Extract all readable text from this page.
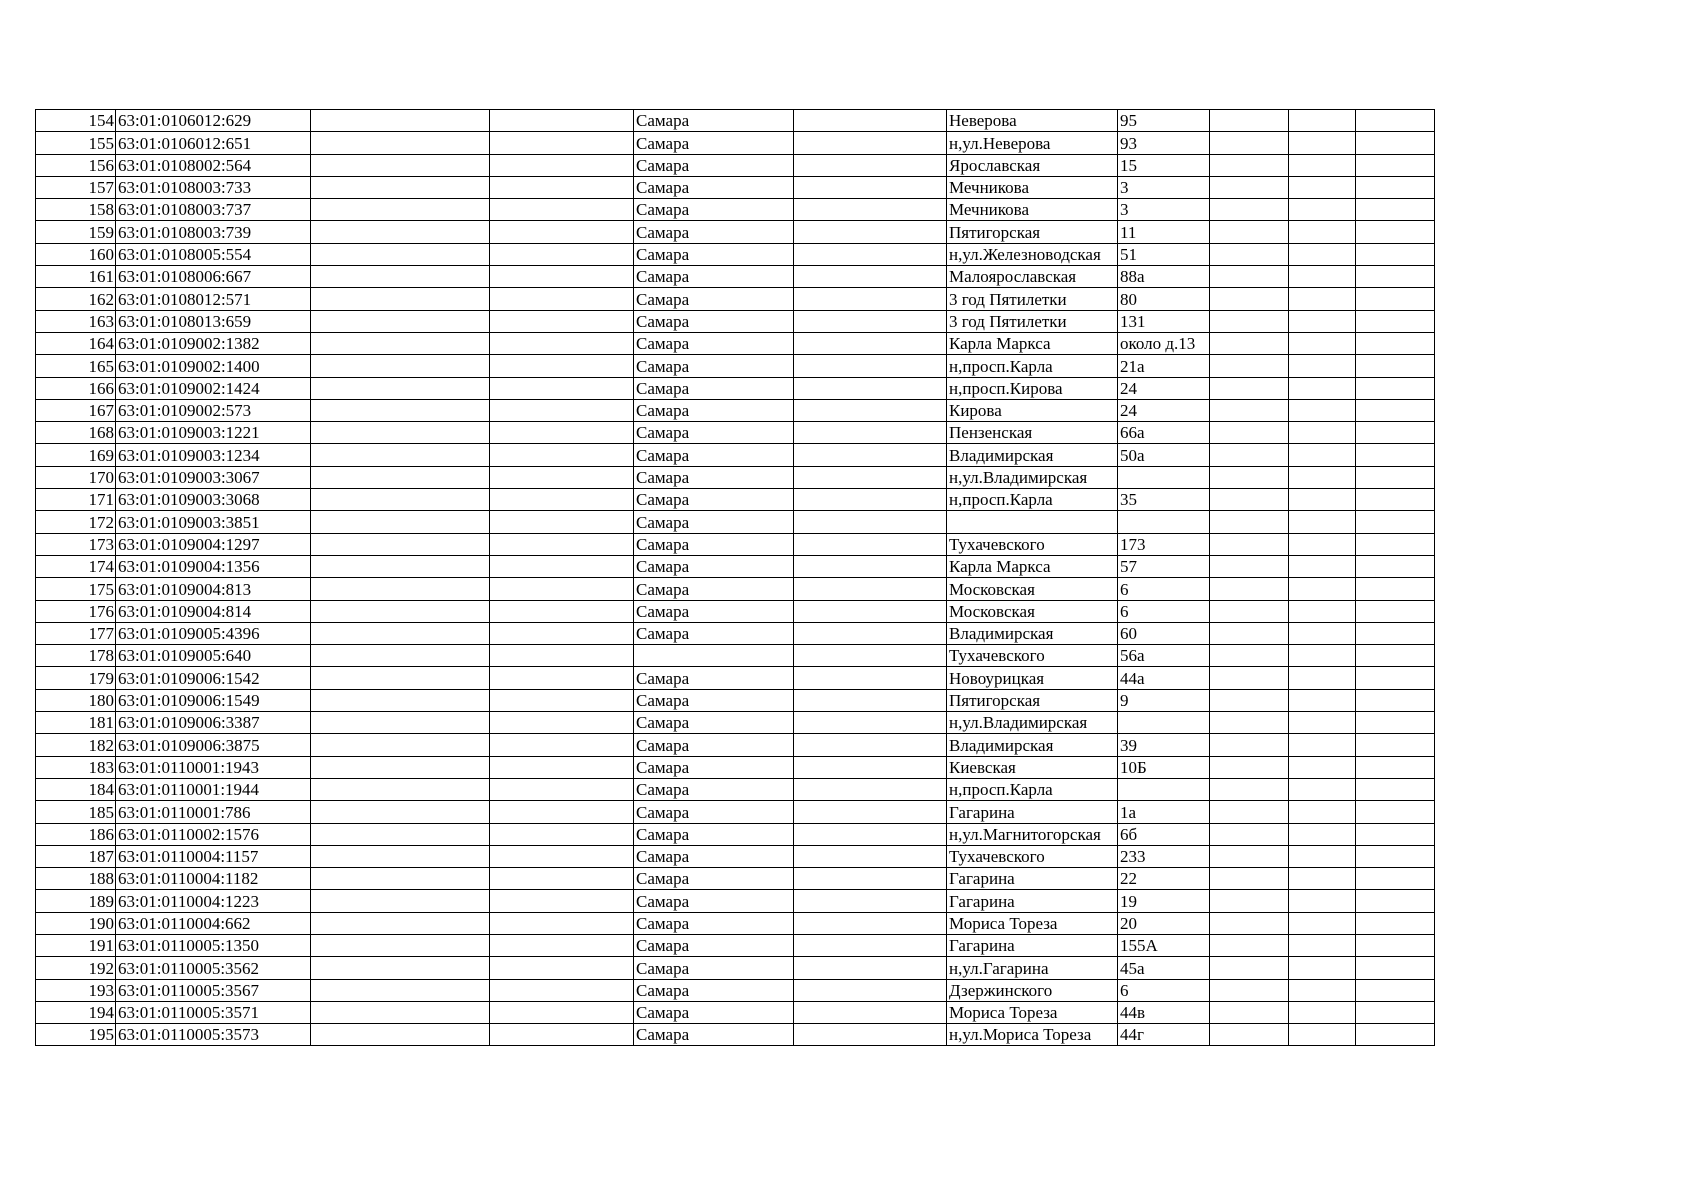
154	63:01:0106012:629			Самара		Неверова	95			
155	63:01:0106012:651			Самара		н,ул.Неверова	93			
156	63:01:0108002:564			Самара		Ярославская	15			
157	63:01:0108003:733			Самара		Мечникова	3			
158	63:01:0108003:737			Самара		Мечникова	3			
159	63:01:0108003:739			Самара		Пятигорская	11			
160	63:01:0108005:554			Самара		н,ул.Железноводская	51			
161	63:01:0108006:667			Самара		Малоярославская	88а			
162	63:01:0108012:571			Самара		3 год Пятилетки	80			
163	63:01:0108013:659			Самара		3 год Пятилетки	131			
164	63:01:0109002:1382			Самара		Карла Маркса	около д.13			
165	63:01:0109002:1400			Самара		н,просп.Карла	21а			
166	63:01:0109002:1424			Самара		н,просп.Кирова	24			
167	63:01:0109002:573			Самара		Кирова	24			
168	63:01:0109003:1221			Самара		Пензенская	66а			
169	63:01:0109003:1234			Самара		Владимирская	50а			
170	63:01:0109003:3067			Самара		н,ул.Владимирская				
171	63:01:0109003:3068			Самара		н,просп.Карла	35			
172	63:01:0109003:3851			Самара						
173	63:01:0109004:1297			Самара		Тухачевского	173			
174	63:01:0109004:1356			Самара		Карла Маркса	57			
175	63:01:0109004:813			Самара		Московская	6			
176	63:01:0109004:814			Самара		Московская	6			
177	63:01:0109005:4396			Самара		Владимирская	60			
178	63:01:0109005:640					Тухачевского	56а			
179	63:01:0109006:1542			Самара		Новоурицкая	44а			
180	63:01:0109006:1549			Самара		Пятигорская	9			
181	63:01:0109006:3387			Самара		н,ул.Владимирская				
182	63:01:0109006:3875			Самара		Владимирская	39			
183	63:01:0110001:1943			Самара		Киевская	10Б			
184	63:01:0110001:1944			Самара		н,просп.Карла				
185	63:01:0110001:786			Самара		Гагарина	1а			
186	63:01:0110002:1576			Самара		н,ул.Магнитогорская	6б			
187	63:01:0110004:1157			Самара		Тухачевского	233			
188	63:01:0110004:1182			Самара		Гагарина	22			
189	63:01:0110004:1223			Самара		Гагарина	19			
190	63:01:0110004:662			Самара		Мориса Тореза	20			
191	63:01:0110005:1350			Самара		Гагарина	155А			
192	63:01:0110005:3562			Самара		н,ул.Гагарина	45а			
193	63:01:0110005:3567			Самара		Дзержинского	6			
194	63:01:0110005:3571			Самара		Мориса Тореза	44в			
195	63:01:0110005:3573			Самара		н,ул.Мориса Тореза	44г			
